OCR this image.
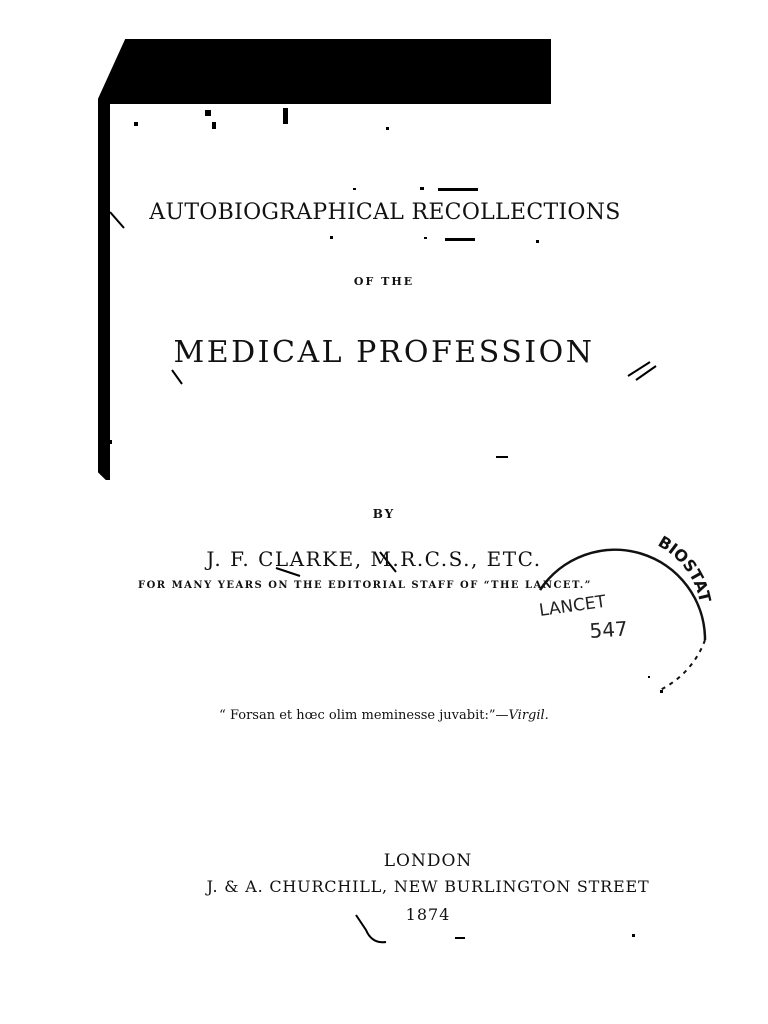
AUTOBIOGRAPHICAL RECOLLECTIONS
OF THE
MEDICAL PROFESSION
BY
J. F. CLARKE, M.R.C.S., ETC.
FOR MANY YEARS ON THE EDITORIAL STAFF OF “THE LANCET.”
“ Forsan et hœc olim meminesse juvabit:”—Virgil.
LONDON
J. & A. CHURCHILL, NEW BURLINGTON STREET
1874
BIOSTAT
LANCET
547
